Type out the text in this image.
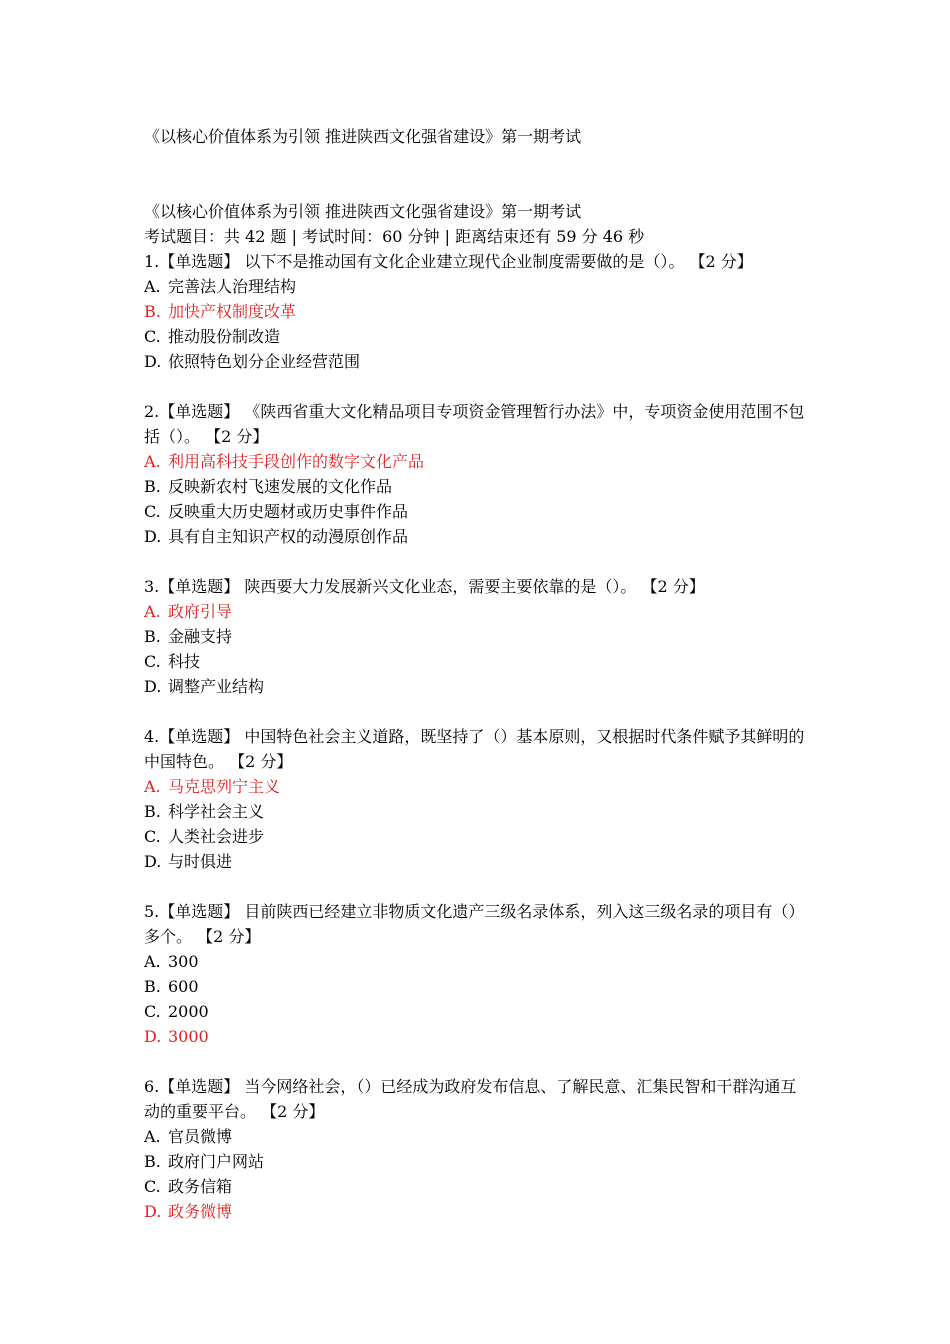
《以核心价值体系为引领 推进陕西文化强省建设》第一期考试
《以核心价值体系为引领 推进陕西文化强省建设》第一期考试
考试题目：共 42 题 | 考试时间：60 分钟 | 距离结束还有 59 分 46 秒
1.【单选题】 以下不是推动国有文化企业建立现代企业制度需要做的是（）。 【2 分】
A. 完善法人治理结构
B. 加快产权制度改革
C. 推动股份制改造
D. 依照特色划分企业经营范围
2.【单选题】 《陕西省重大文化精品项目专项资金管理暂行办法》中，专项资金使用范围不包括（）。 【2 分】
A. 利用高科技手段创作的数字文化产品
B. 反映新农村飞速发展的文化作品
C. 反映重大历史题材或历史事件作品
D. 具有自主知识产权的动漫原创作品
3.【单选题】 陕西要大力发展新兴文化业态，需要主要依靠的是（）。 【2 分】
A. 政府引导
B. 金融支持
C. 科技
D. 调整产业结构
4.【单选题】 中国特色社会主义道路，既坚持了（）基本原则，又根据时代条件赋予其鲜明的中国特色。 【2 分】
A. 马克思列宁主义
B. 科学社会主义
C. 人类社会进步
D. 与时俱进
5.【单选题】 目前陕西已经建立非物质文化遗产三级名录体系，列入这三级名录的项目有（）多个。 【2 分】
A. 300
B. 600
C. 2000
D. 3000
6.【单选题】 当今网络社会，（）已经成为政府发布信息、了解民意、汇集民智和干群沟通互动的重要平台。 【2 分】
A. 官员微博
B. 政府门户网站
C. 政务信箱
D. 政务微博
